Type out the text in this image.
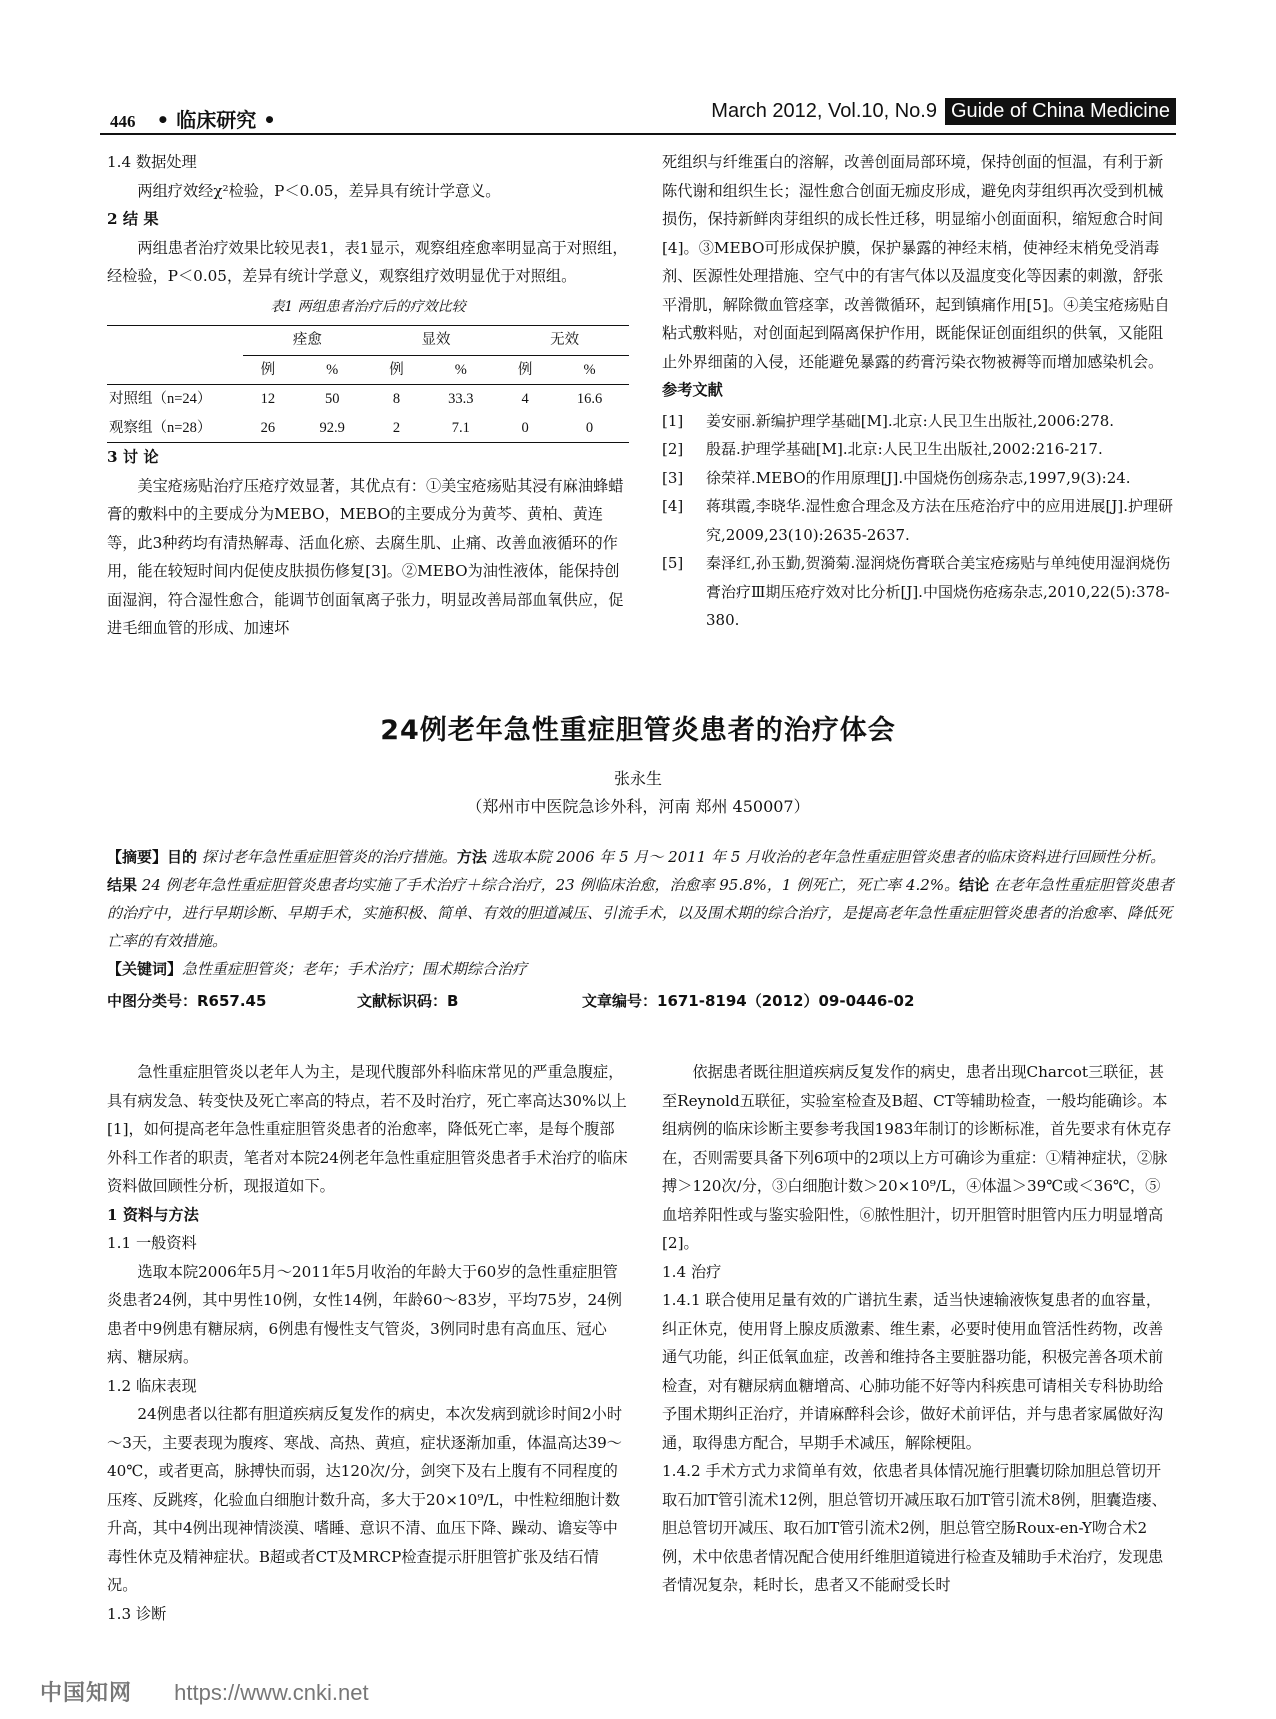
446 • 临床研究 •	March 2012, Vol.10, No.9 Guide of China Medicine

1.4 数据处理

两组疗效经χ²检验，P＜0.05，差异具有统计学意义。

2 结 果

两组患者治疗效果比较见表1，表1显示，观察组痊愈率明显高于对照组，经检验，P＜0.05，差异有统计学意义，观察组疗效明显优于对照组。

表1 两组患者治疗后的疗效比较
	痊愈		显效		无效	
	例	%	例	%	例	%
对照组（n=24）	12	50	8	33.3	4	16.6
观察组（n=28）	26	92.9	2	7.1	0	0

3 讨 论

美宝疮疡贴治疗压疮疗效显著，其优点有：①美宝疮疡贴其浸有麻油蜂蜡膏的敷料中的主要成分为MEBO，MEBO的主要成分为黄芩、黄柏、黄连等，此3种药均有清热解毒、活血化瘀、去腐生肌、止痛、改善血液循环的作用，能在较短时间内促使皮肤损伤修复[3]。②MEBO为油性液体，能保持创面湿润，符合湿性愈合，能调节创面氧离子张力，明显改善局部血氧供应，促进毛细血管的形成、加速坏

死组织与纤维蛋白的溶解，改善创面局部环境，保持创面的恒温，有利于新陈代谢和组织生长；湿性愈合创面无痂皮形成，避免肉芽组织再次受到机械损伤，保持新鲜肉芽组织的成长性迁移，明显缩小创面面积，缩短愈合时间[4]。③MEBO可形成保护膜，保护暴露的神经末梢，使神经末梢免受消毒剂、医源性处理措施、空气中的有害气体以及温度变化等因素的刺激，舒张平滑肌，解除微血管痉挛，改善微循环，起到镇痛作用[5]。④美宝疮疡贴自粘式敷料贴，对创面起到隔离保护作用，既能保证创面组织的供氧，又能阻止外界细菌的入侵，还能避免暴露的药膏污染衣物被褥等而增加感染机会。

参考文献

[1]	姜安丽.新编护理学基础[M].北京:人民卫生出版社,2006:278.
[2]	殷磊.护理学基础[M].北京:人民卫生出版社,2002:216-217.
[3]	徐荣祥.MEBO的作用原理[J].中国烧伤创疡杂志,1997,9(3):24.
[4]	蒋琪霞,李晓华.湿性愈合理念及方法在压疮治疗中的应用进展[J].护理研究,2009,23(10):2635-2637.
[5]	秦泽红,孙玉勤,贺漪菊.湿润烧伤膏联合美宝疮疡贴与单纯使用湿润烧伤膏治疗Ⅲ期压疮疗效对比分析[J].中国烧伤疮疡杂志,2010,22(5):378-380.
24例老年急性重症胆管炎患者的治疗体会
张永生
（郑州市中医院急诊外科，河南 郑州 450007）
【摘要】目的 探讨老年急性重症胆管炎的治疗措施。方法 选取本院 2006 年 5 月～ 2011 年 5 月收治的老年急性重症胆管炎患者的临床资料进行回顾性分析。结果 24 例老年急性重症胆管炎患者均实施了手术治疗＋综合治疗，23 例临床治愈，治愈率 95.8%，1 例死亡，死亡率 4.2%。结论 在老年急性重症胆管炎患者的治疗中，进行早期诊断、早期手术，实施积极、简单、有效的胆道减压、引流手术，以及围术期的综合治疗，是提高老年急性重症胆管炎患者的治愈率、降低死亡率的有效措施。
【关键词】急性重症胆管炎；老年；手术治疗；围术期综合治疗
中图分类号：R657.45	文献标识码：B	文章编号：1671-8194（2012）09-0446-02

急性重症胆管炎以老年人为主，是现代腹部外科临床常见的严重急腹症，具有病发急、转变快及死亡率高的特点，若不及时治疗，死亡率高达30%以上[1]，如何提高老年急性重症胆管炎患者的治愈率，降低死亡率，是每个腹部外科工作者的职责，笔者对本院24例老年急性重症胆管炎患者手术治疗的临床资料做回顾性分析，现报道如下。

1 资料与方法

1.1 一般资料

选取本院2006年5月～2011年5月收治的年龄大于60岁的急性重症胆管炎患者24例，其中男性10例，女性14例，年龄60～83岁，平均75岁，24例患者中9例患有糖尿病，6例患有慢性支气管炎，3例同时患有高血压、冠心病、糖尿病。

1.2 临床表现

24例患者以往都有胆道疾病反复发作的病史，本次发病到就诊时间2小时～3天，主要表现为腹疼、寒战、高热、黄疸，症状逐渐加重，体温高达39～40℃，或者更高，脉搏快而弱，达120次/分，剑突下及右上腹有不同程度的压疼、反跳疼，化验血白细胞计数升高，多大于20×10⁹/L，中性粒细胞计数升高，其中4例出现神情淡漠、嗜睡、意识不清、血压下降、躁动、谵妄等中毒性休克及精神症状。B超或者CT及MRCP检查提示肝胆管扩张及结石情况。

1.3 诊断

依据患者既往胆道疾病反复发作的病史，患者出现Charcot三联征，甚至Reynold五联征，实验室检查及B超、CT等辅助检查，一般均能确诊。本组病例的临床诊断主要参考我国1983年制订的诊断标准，首先要求有休克存在，否则需要具备下列6项中的2项以上方可确诊为重症：①精神症状，②脉搏＞120次/分，③白细胞计数＞20×10⁹/L，④体温＞39℃或＜36℃，⑤血培养阳性或与鉴实验阳性，⑥脓性胆汁，切开胆管时胆管内压力明显增高[2]。

1.4 治疗

1.4.1 联合使用足量有效的广谱抗生素，适当快速输液恢复患者的血容量，纠正休克，使用肾上腺皮质激素、维生素，必要时使用血管活性药物，改善通气功能，纠正低氧血症，改善和维持各主要脏器功能，积极完善各项术前检查，对有糖尿病血糖增高、心肺功能不好等内科疾患可请相关专科协助给予围术期纠正治疗，并请麻醉科会诊，做好术前评估，并与患者家属做好沟通，取得患方配合，早期手术减压，解除梗阻。

1.4.2 手术方式力求简单有效，依患者具体情况施行胆囊切除加胆总管切开取石加T管引流术12例，胆总管切开减压取石加T管引流术8例，胆囊造瘘、胆总管切开减压、取石加T管引流术2例，胆总管空肠Roux-en-Y吻合术2例，术中依患者情况配合使用纤维胆道镜进行检查及辅助手术治疗，发现患者情况复杂，耗时长，患者又不能耐受长时

中国知网 https://www.cnki.net
